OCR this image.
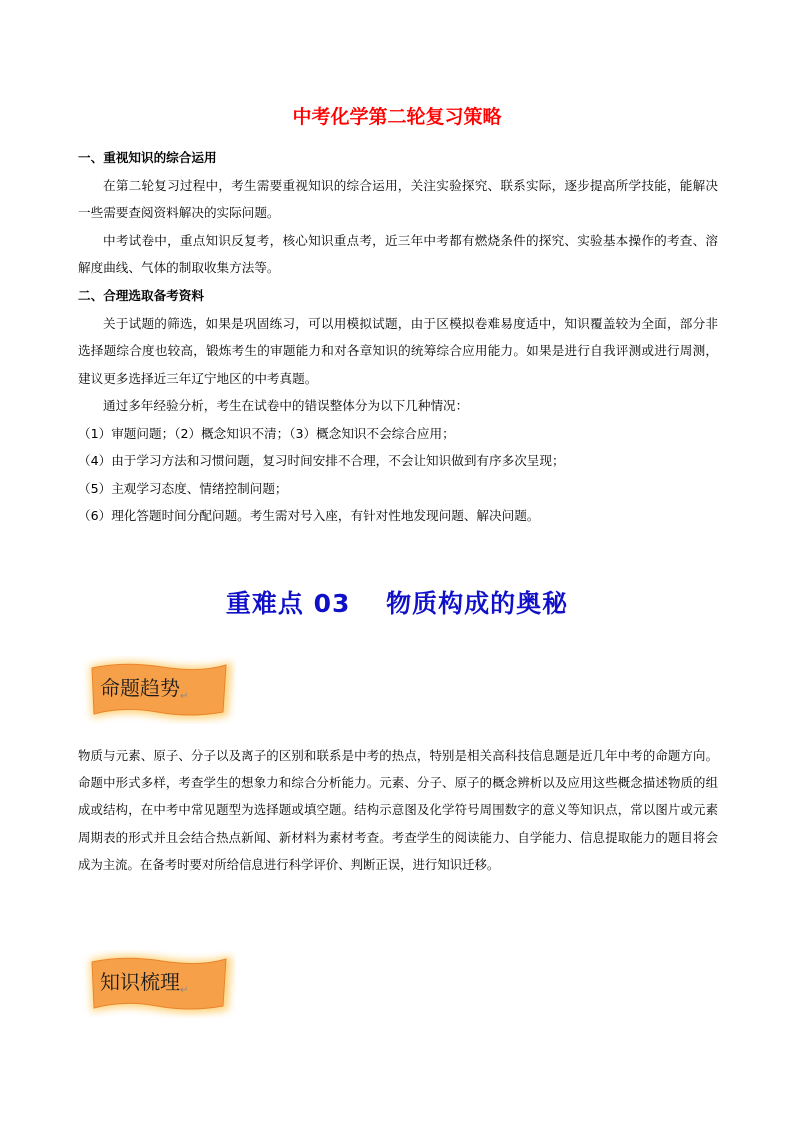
中考化学第二轮复习策略
一、重视知识的综合运用

在第二轮复习过程中，考生需要重视知识的综合运用，关注实验探究、联系实际，逐步提高所学技能，能解决一些需要查阅资料解决的实际问题。

中考试卷中，重点知识反复考，核心知识重点考，近三年中考都有燃烧条件的探究、实验基本操作的考查、溶解度曲线、气体的制取收集方法等。

二、合理选取备考资料

关于试题的筛选，如果是巩固练习，可以用模拟试题，由于区模拟卷难易度适中，知识覆盖较为全面，部分非选择题综合度也较高，锻炼考生的审题能力和对各章知识的统筹综合应用能力。如果是进行自我评测或进行周测，建议更多选择近三年辽宁地区的中考真题。

通过多年经验分析，考生在试卷中的错误整体分为以下几种情况：

（1）审题问题；（2）概念知识不清；（3）概念知识不会综合应用；

（4）由于学习方法和习惯问题，复习时间安排不合理，不会让知识做到有序多次呈现；

（5）主观学习态度、情绪控制问题；

（6）理化答题时间分配问题。考生需对号入座，有针对性地发现问题、解决问题。

重难点 03　 物质构成的奥秘
命题趋势$_↵$

物质与元素、原子、分子以及离子的区别和联系是中考的热点，特别是相关高科技信息题是近几年中考的命题方向。命题中形式多样，考查学生的想象力和综合分析能力。元素、分子、原子的概念辨析以及应用这些概念描述物质的组成或结构，在中考中常见题型为选择题或填空题。结构示意图及化学符号周围数字的意义等知识点，常以图片或元素周期表的形式并且会结合热点新闻、新材料为素材考查。考查学生的阅读能力、自学能力、信息提取能力的题目将会成为主流。在备考时要对所给信息进行科学评价、判断正误，进行知识迁移。

知识梳理$_↵$
